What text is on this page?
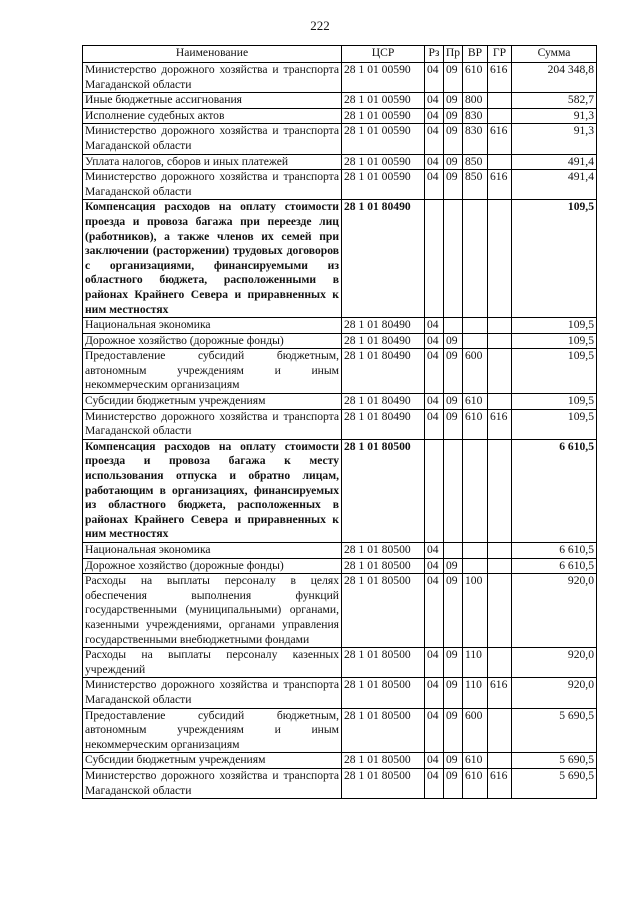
222
Наименование	ЦСР	Рз	Пр	ВР	ГР	Сумма
Министерство дорожного хозяйства и транспорта Магаданской области	28 1 01 00590	04	09	610	616	204 348,8
Иные бюджетные ассигнования	28 1 01 00590	04	09	800		582,7
Исполнение судебных актов	28 1 01 00590	04	09	830		91,3
Министерство дорожного хозяйства и транспорта Магаданской области	28 1 01 00590	04	09	830	616	91,3
Уплата налогов, сборов и иных платежей	28 1 01 00590	04	09	850		491,4
Министерство дорожного хозяйства и транспорта Магаданской области	28 1 01 00590	04	09	850	616	491,4
Компенсация расходов на оплату стоимости проезда и провоза багажа при переезде лиц (работников), а также членов их семей при заключении (расторжении) трудовых договоров с организациями, финансируемыми из областного бюджета, расположенными в районах Крайнего Севера и приравненных к ним местностях	28 1 01 80490					109,5
Национальная экономика	28 1 01 80490	04				109,5
Дорожное хозяйство (дорожные фонды)	28 1 01 80490	04	09			109,5
Предоставление субсидий бюджетным, автономным учреждениям и иным некоммерческим организациям	28 1 01 80490	04	09	600		109,5
Субсидии бюджетным учреждениям	28 1 01 80490	04	09	610		109,5
Министерство дорожного хозяйства и транспорта Магаданской области	28 1 01 80490	04	09	610	616	109,5
Компенсация расходов на оплату стоимости проезда и провоза багажа к месту использования отпуска и обратно лицам, работающим в организациях, финансируемых из областного бюджета, расположенных в районах Крайнего Севера и приравненных к ним местностях	28 1 01 80500					6 610,5
Национальная экономика	28 1 01 80500	04				6 610,5
Дорожное хозяйство (дорожные фонды)	28 1 01 80500	04	09			6 610,5
Расходы на выплаты персоналу в целях обеспечения выполнения функций государственными (муниципальными) органами, казенными учреждениями, органами управления государственными внебюджетными фондами	28 1 01 80500	04	09	100		920,0
Расходы на выплаты персоналу казенных учреждений	28 1 01 80500	04	09	110		920,0
Министерство дорожного хозяйства и транспорта Магаданской области	28 1 01 80500	04	09	110	616	920,0
Предоставление субсидий бюджетным, автономным учреждениям и иным некоммерческим организациям	28 1 01 80500	04	09	600		5 690,5
Субсидии бюджетным учреждениям	28 1 01 80500	04	09	610		5 690,5
Министерство дорожного хозяйства и транспорта Магаданской области	28 1 01 80500	04	09	610	616	5 690,5
